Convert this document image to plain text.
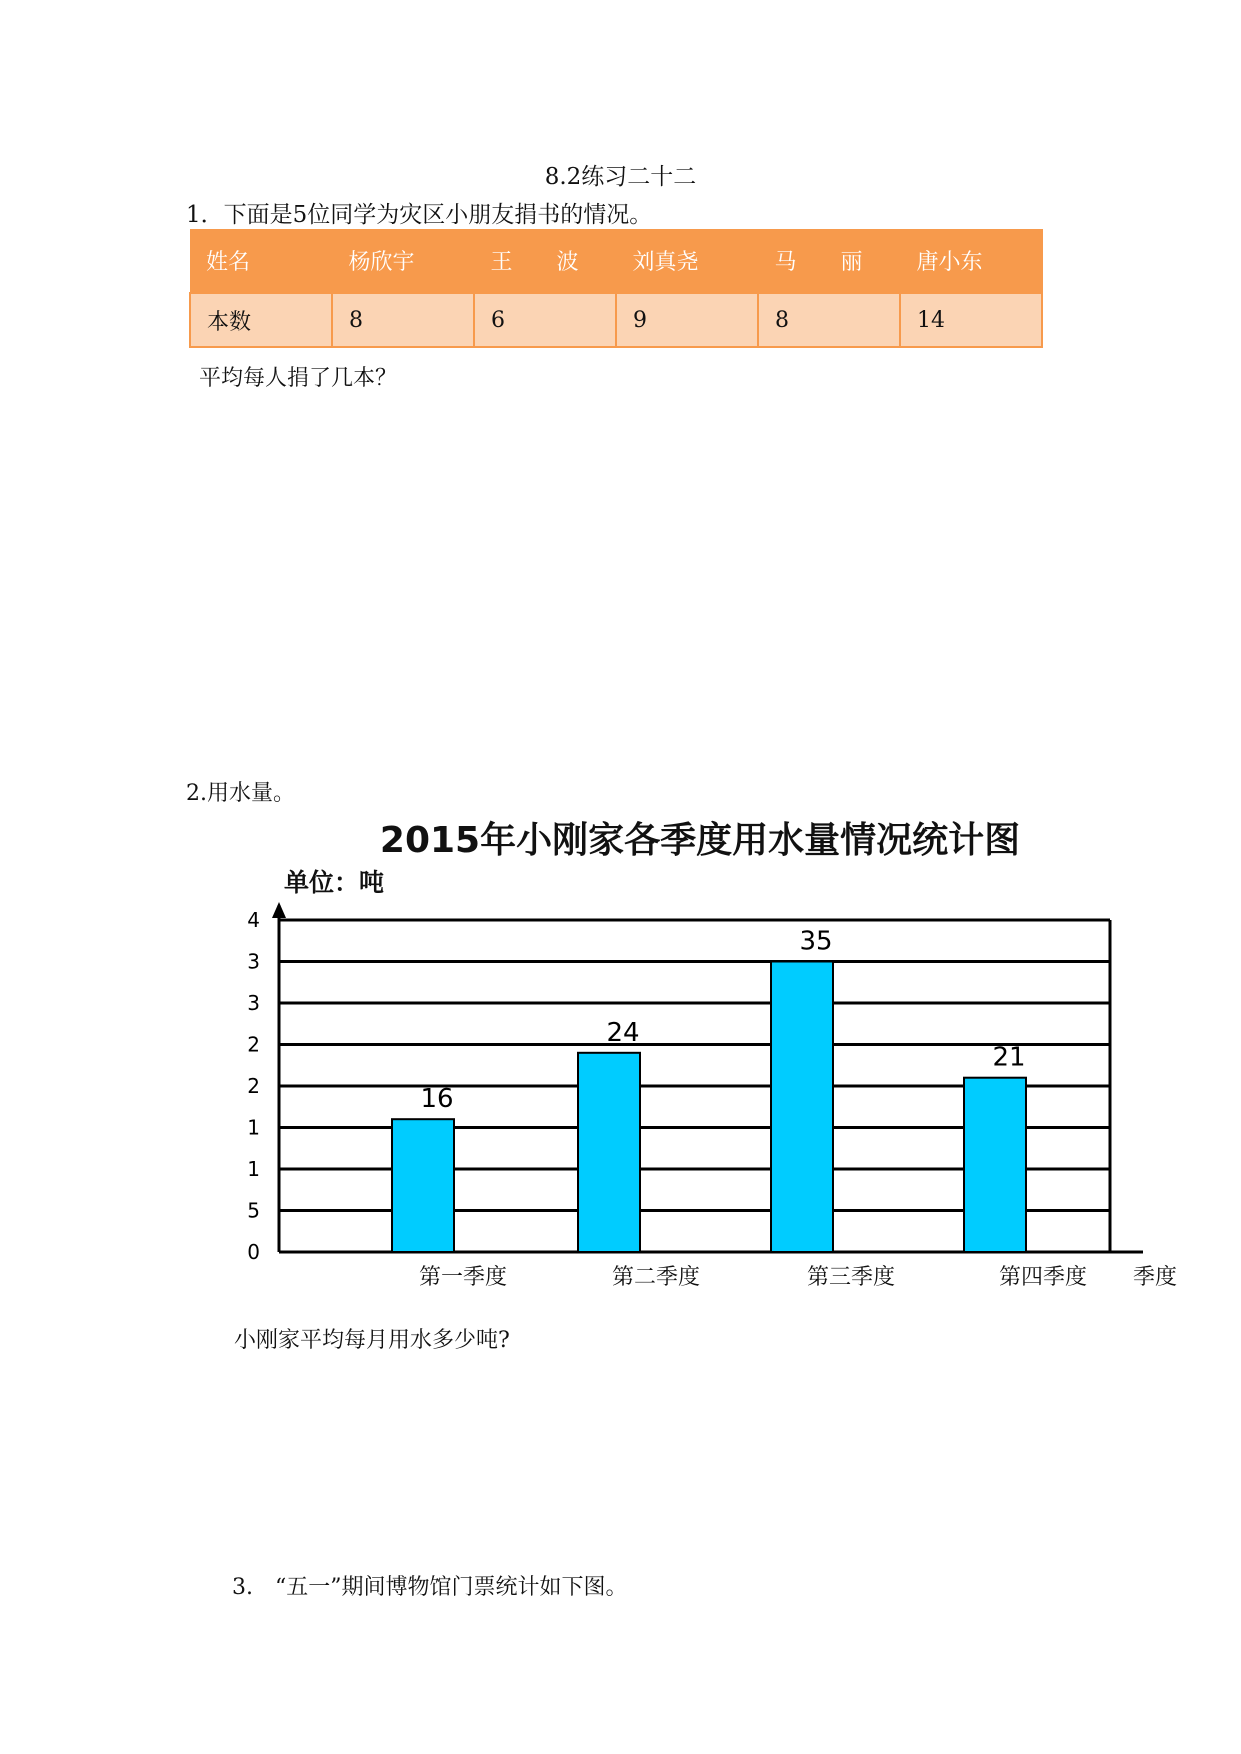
8.2练习二十二
1．下面是5位同学为灾区小朋友捐书的情况。
姓名	杨欣宇	王　　波	刘真尧	马　　丽	唐小东
本数	8	6	9	8	14
平均每人捐了几本？
2.用水量。
2015年小刚家各季度用水量情况统计图
单位：吨
0
5
1
1
2
2
3
3
4
16
24
35
21
第一季度	第二季度	第三季度	第四季度 季度
小刚家平均每月用水多少吨?
3.　“五一”期间博物馆门票统计如下图。
